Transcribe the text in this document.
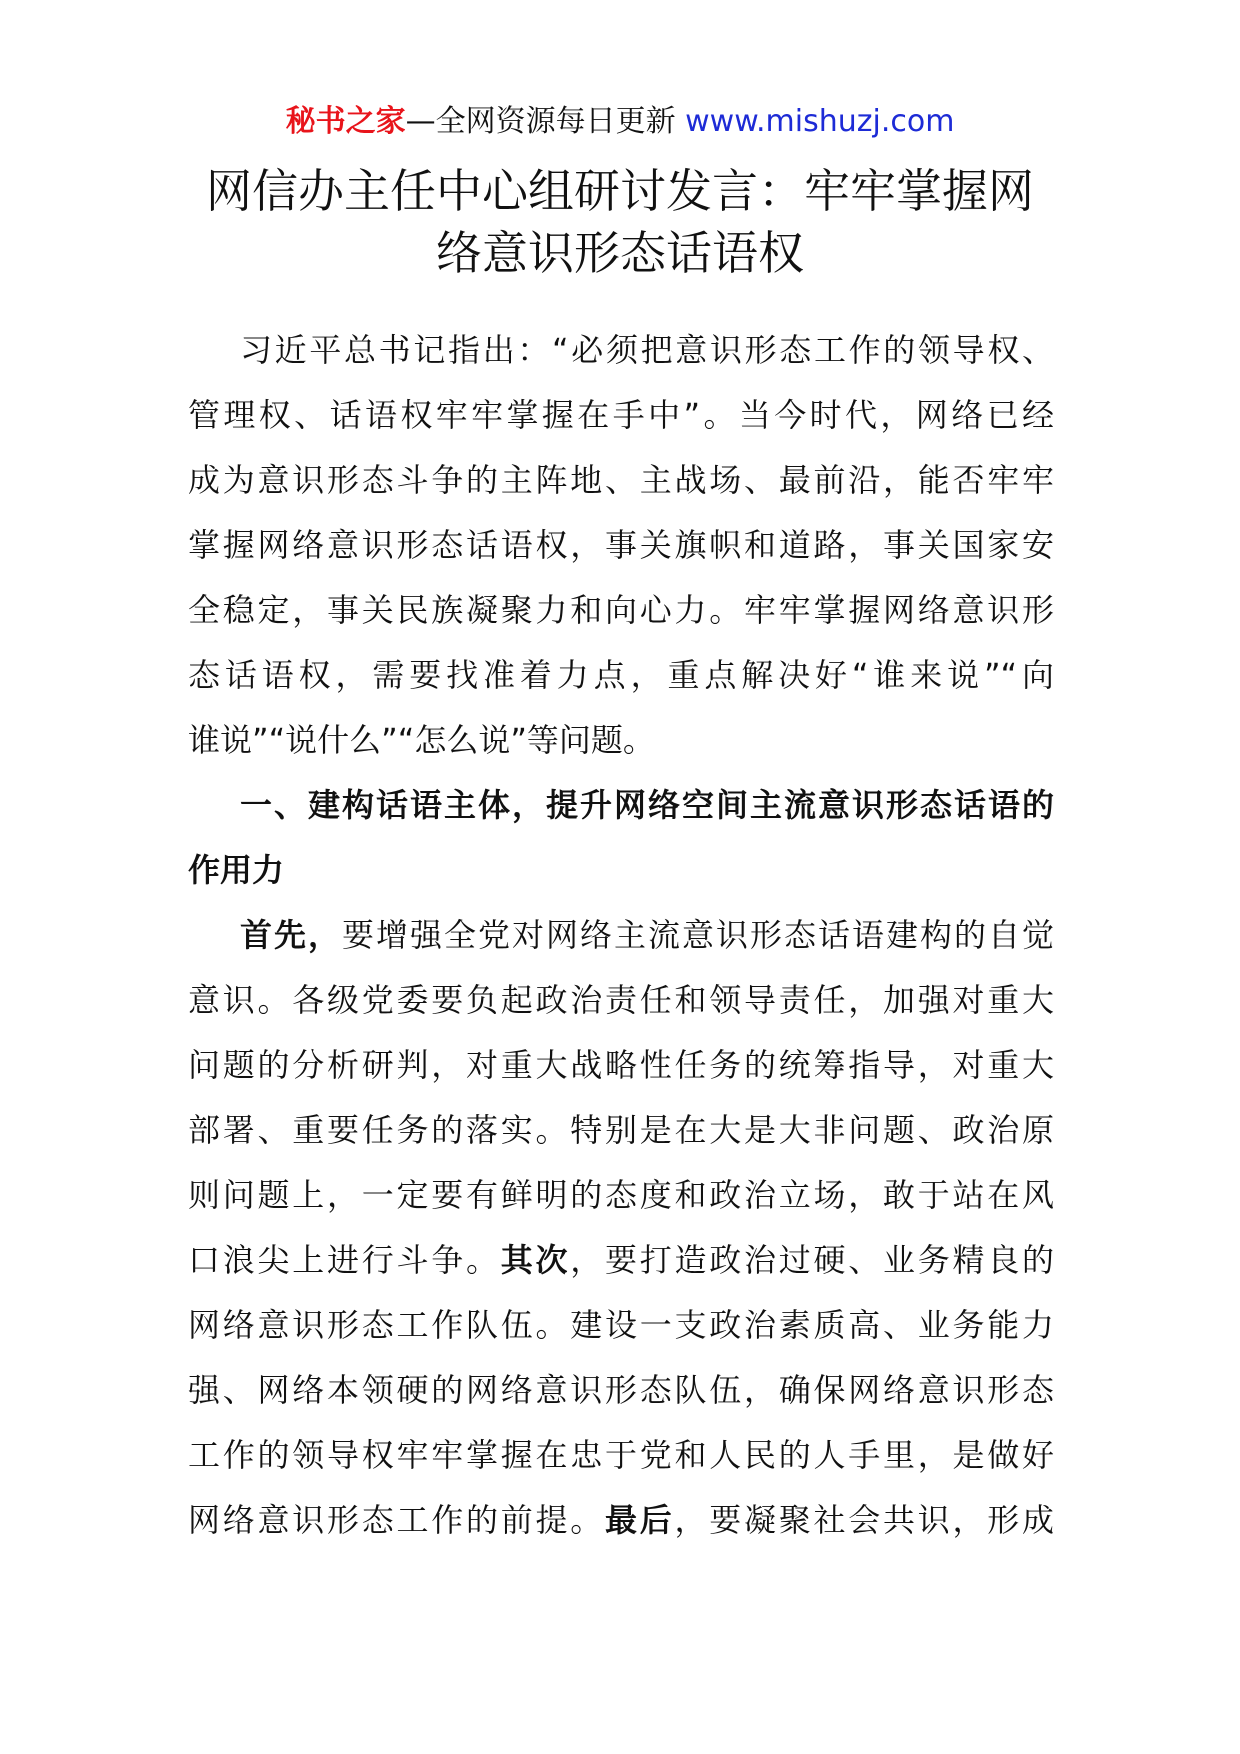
秘书之家—全网资源每日更新 www.mishuzj.com
网信办主任中心组研讨发言：牢牢掌握网
络意识形态话语权
习近平总书记指出：“必须把意识形态工作的领导权、
管理权、话语权牢牢掌握在手中”。当今时代，网络已经
成为意识形态斗争的主阵地、主战场、最前沿，能否牢牢
掌握网络意识形态话语权，事关旗帜和道路，事关国家安
全稳定，事关民族凝聚力和向心力。牢牢掌握网络意识形
态话语权，需要找准着力点，重点解决好“谁来说”“向
谁说”“说什么”“怎么说”等问题。
一、建构话语主体，提升网络空间主流意识形态话语的
作用力
首先，要增强全党对网络主流意识形态话语建构的自觉
意识。各级党委要负起政治责任和领导责任，加强对重大
问题的分析研判，对重大战略性任务的统筹指导，对重大
部署、重要任务的落实。特别是在大是大非问题、政治原
则问题上，一定要有鲜明的态度和政治立场，敢于站在风
口浪尖上进行斗争。其次，要打造政治过硬、业务精良的
网络意识形态工作队伍。建设一支政治素质高、业务能力
强、网络本领硬的网络意识形态队伍，确保网络意识形态
工作的领导权牢牢掌握在忠于党和人民的人手里，是做好
网络意识形态工作的前提。最后，要凝聚社会共识，形成
